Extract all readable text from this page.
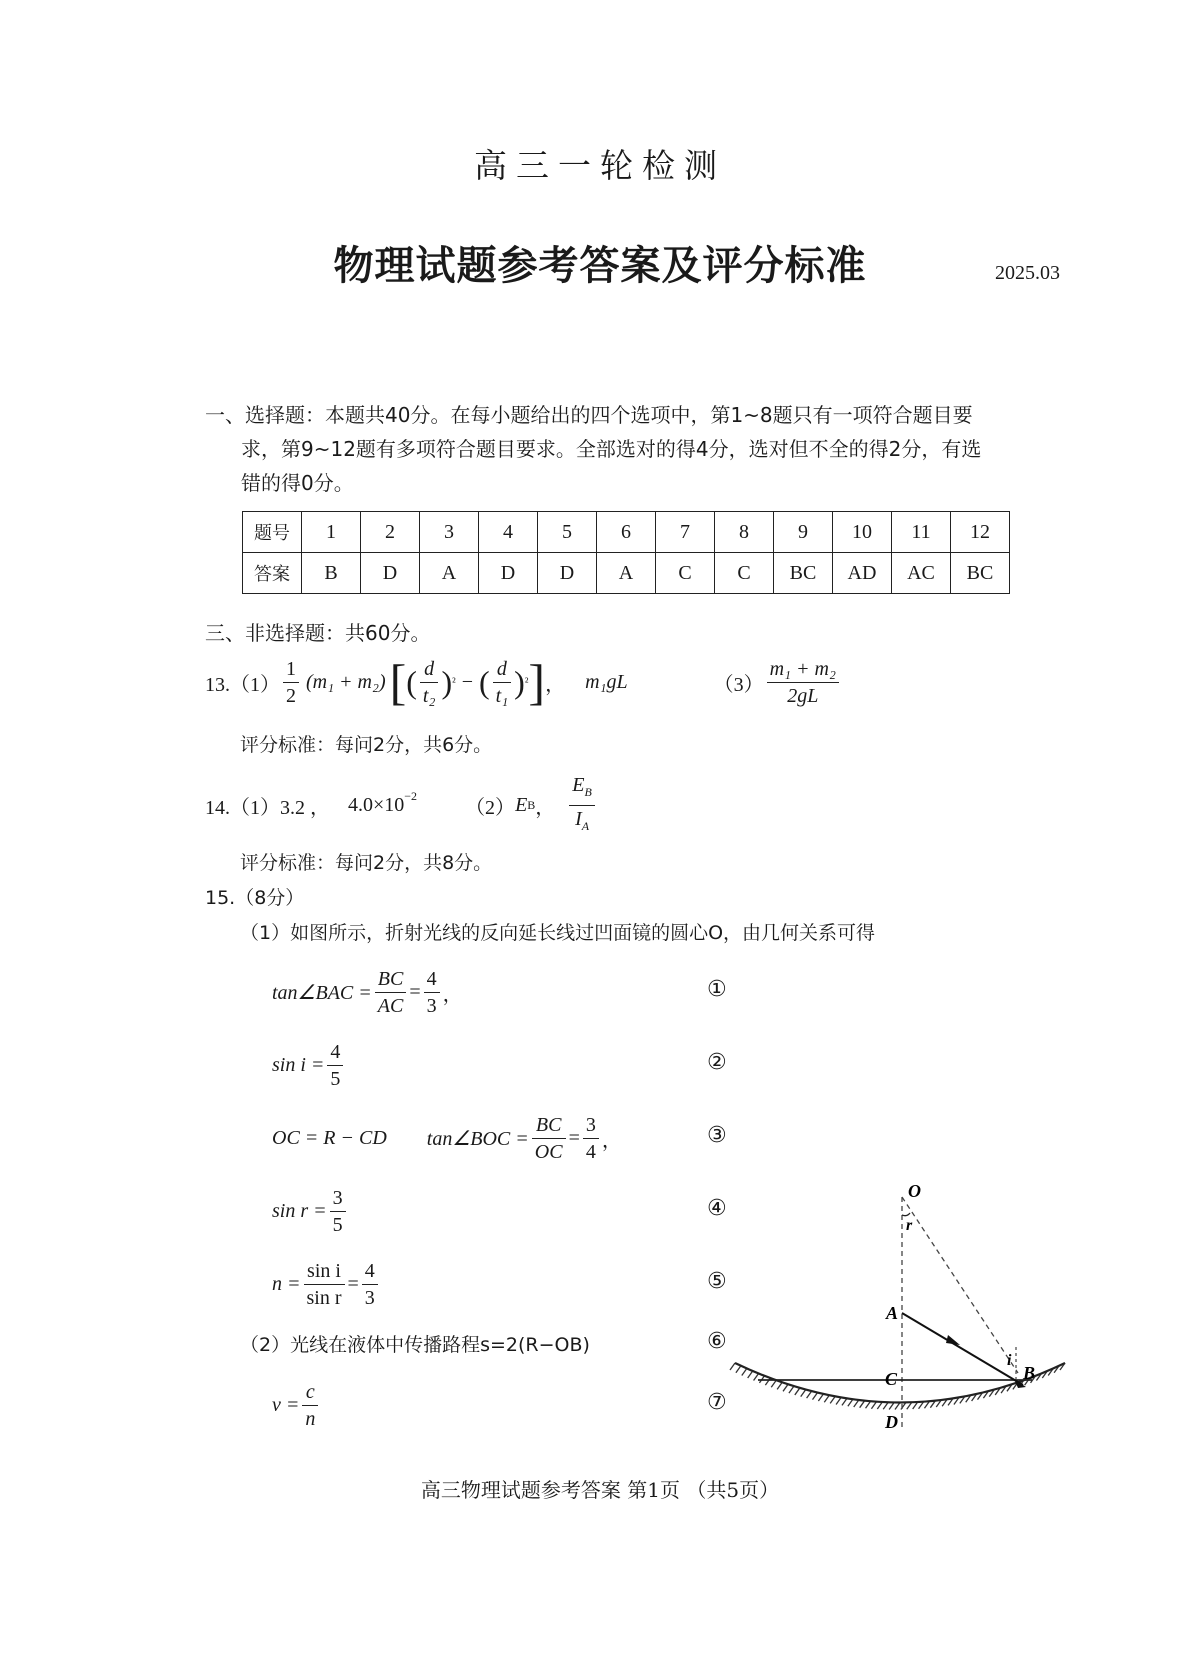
高三一轮检测
物理试题参考答案及评分标准	2025.03
一、选择题：本题共40分。在每小题给出的四个选项中，第1~8题只有一项符合题目要
求，第9~12题有多项符合题目要求。全部选对的得4分，选对但不全的得2分，有选
错的得0分。
题号	1	2	3	4	5	6	7	8	9	10	11	12
答案	B	D	A	D	D	A	C	C	BC	AD	AC	BC
三、非选择题：共60分。
$13.(1) \frac{1}{2} (m_1 + m_2)$ [ ( $\frac{d}{\text{t₂}}$ ) ² − ( $\frac{d}{\text{t₁}}$ ) ² ] ， m₁gL	$(3) \frac{\text{m₁ + m₂}}{2gL}$
评分标准：每问2分，共6分。
14.（1） 3.2 ， $4.0\times 10^{-2}$
（2） E B ， $\frac{E_B}{I_A}$
评分标准：每问2分，共8分。
15.（8分）
（1）如图所示，折射光线的反向延长线过凹面镜的圆心O，由几何关系可得
tan∠BAC = $\frac{BC}{AC} = \frac{4}{3}$ ，	①
$\sin i = \frac{4}{5}$	②
OC = R − CD tan∠BOC = $\frac{BC}{OC} = \frac{3}{4}$ ，	③
$\sin r = \frac{3}{5}$	④
$n = \frac{\text{sin i}}{\text{sin r}} = \frac{4}{3}$	⑤
（2）光线在液体中传播路程s=2(R−OB)	⑥
$v = \frac{c}{n}$	⑦
O
r
A
i
B
C
D
高三物理试题参考答案 第1页 （共5页）
